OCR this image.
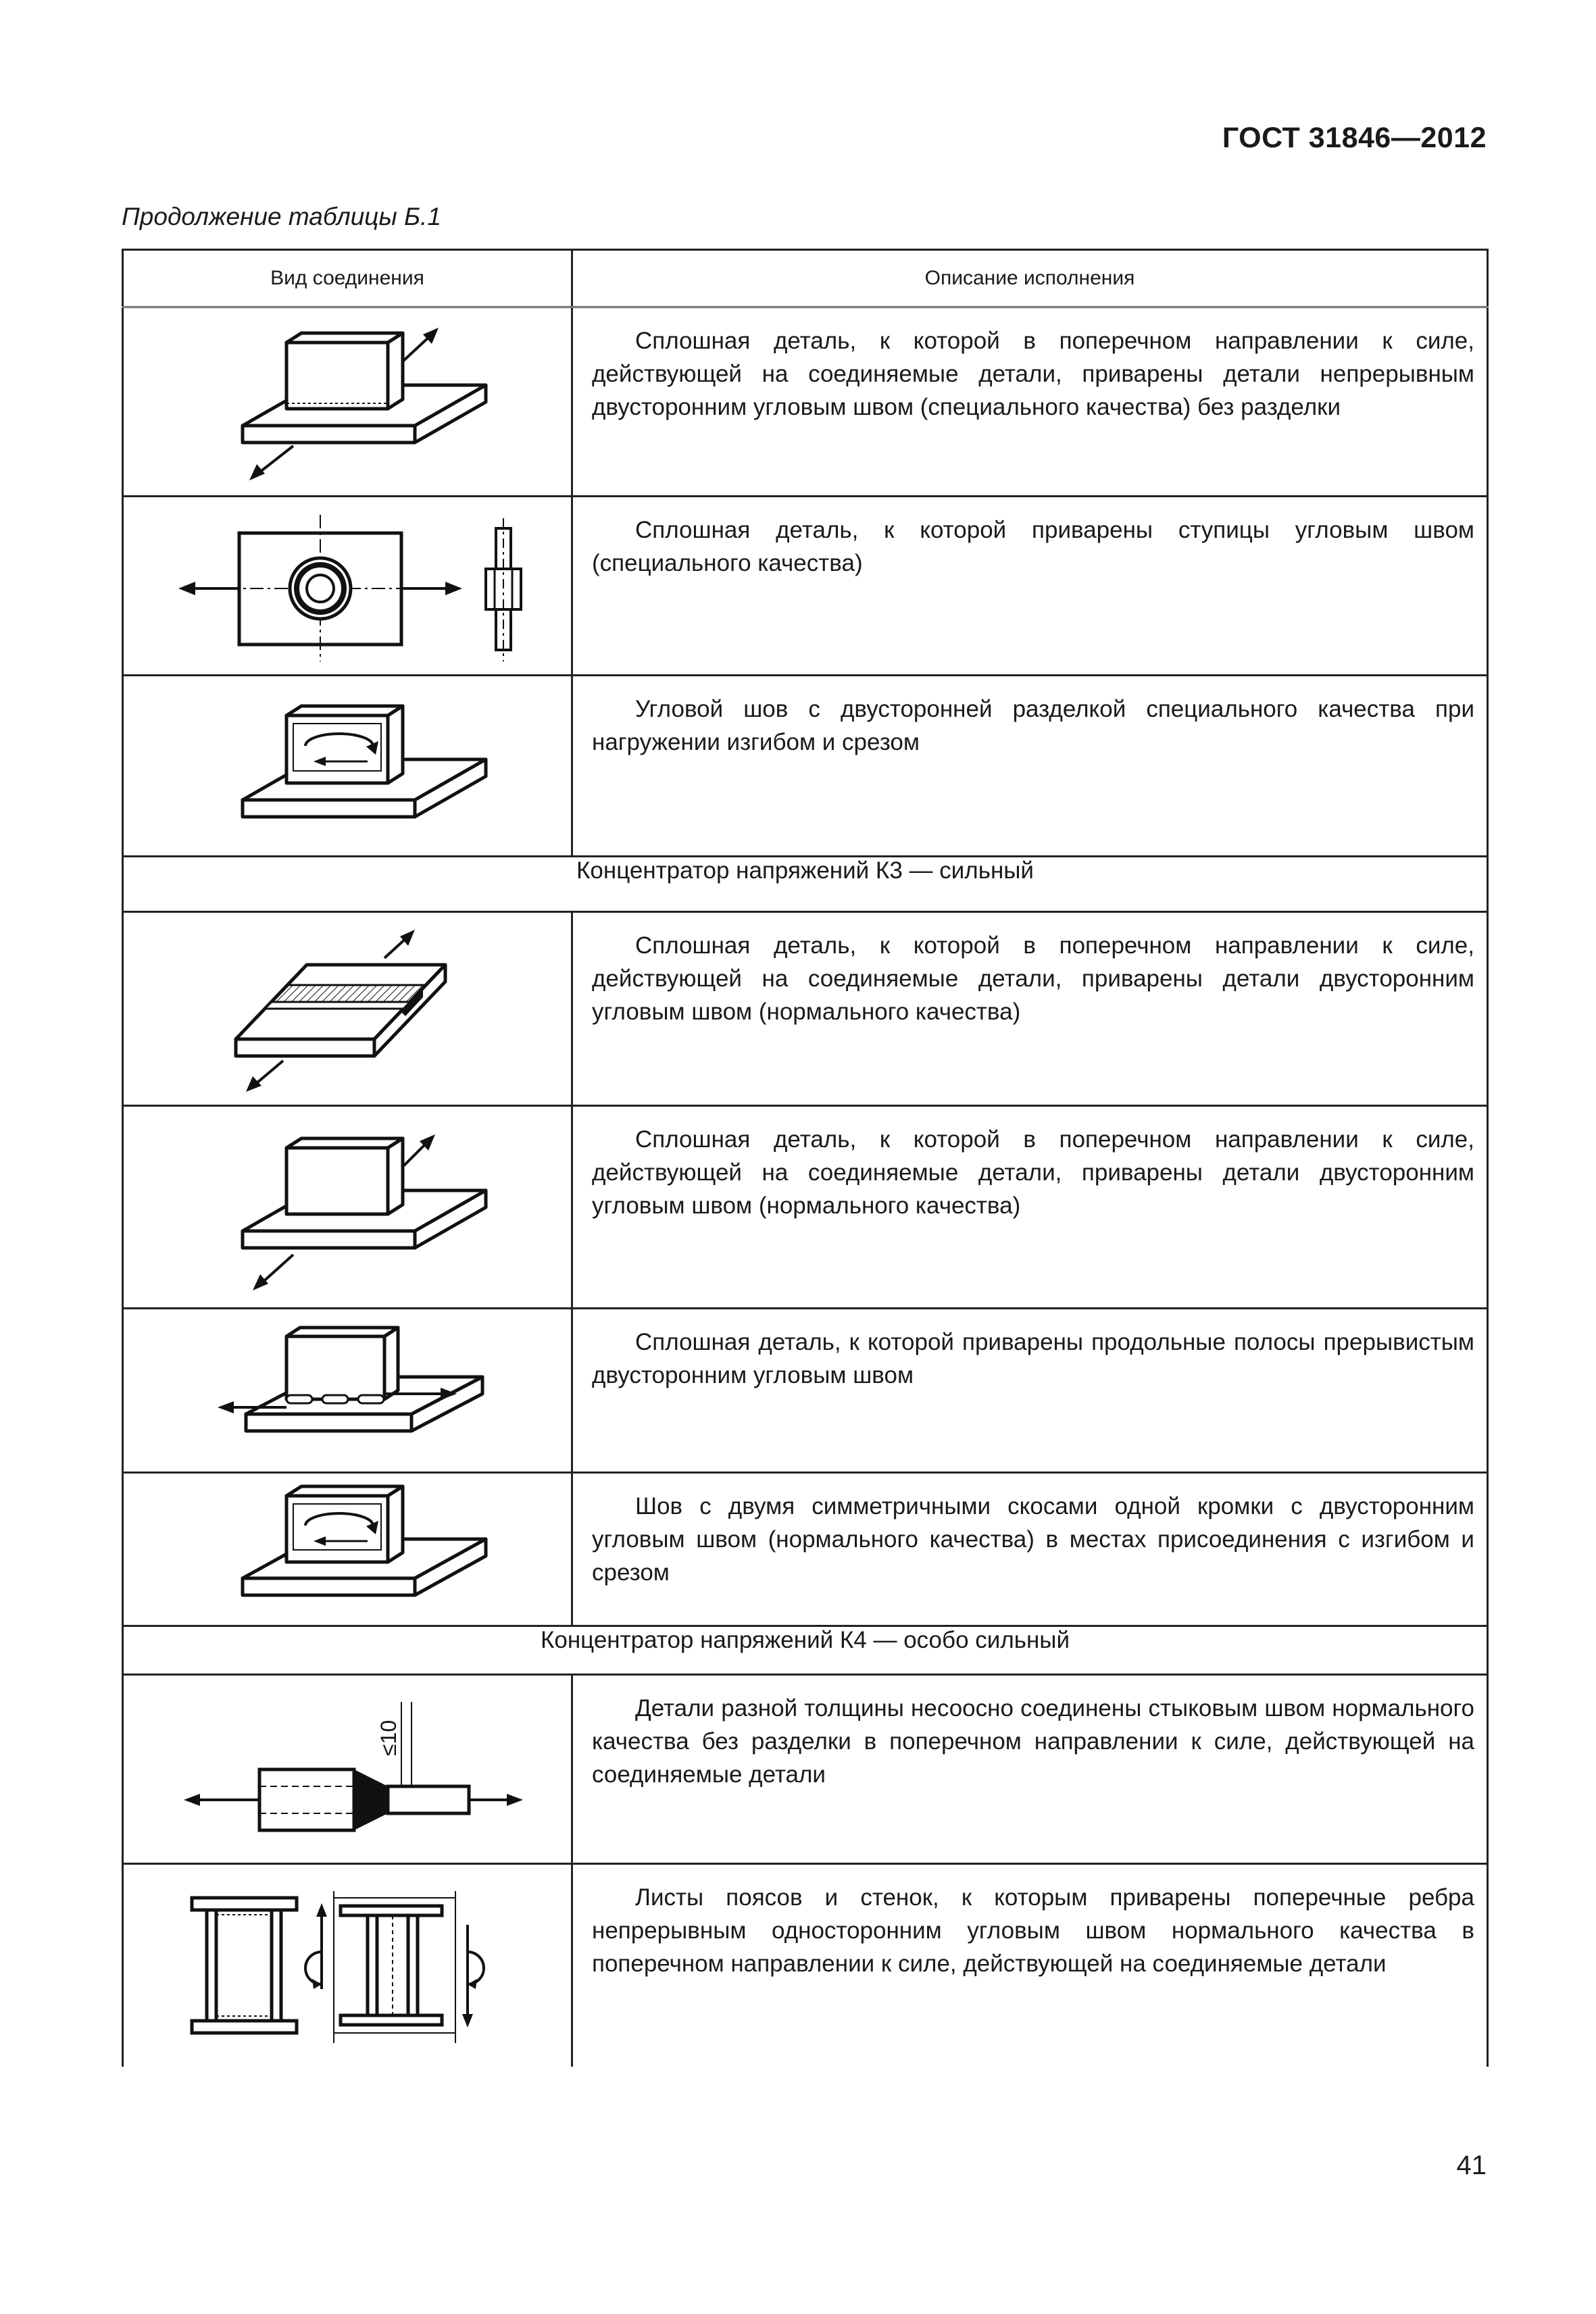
ГОСТ 31846—2012
Продолжение таблицы Б.1
Вид соединения	Описание исполнения

Сплошная деталь, к которой в поперечном направлении к силе, действующей на соединяемые детали, приварены детали непрерывным двусторонним угловым швом (специального качества) без разделки

Сплошная деталь, к которой приварены ступицы угловым швом (специального качества)

Угловой шов с двусторонней разделкой специального качества при нагружении изгибом и срезом

Концентратор напряжений К3 — сильный	

Сплошная деталь, к которой в поперечном направлении к силе, действующей на соединяемые детали, приварены детали двусторонним угловым швом (нормального качества)

Сплошная деталь, к которой в поперечном направлении к силе, действующей на соединяемые детали, приварены детали двусторонним угловым швом (нормального качества)

Сплошная деталь, к которой приварены продольные полосы прерывистым двусторонним угловым швом

Шов с двумя симметричными скосами одной кромки с двусторонним угловым швом (нормального качества) в местах присоединения с изгибом и срезом

Концентратор напряжений К4 — особо сильный	

≤10	Детали разной толщины несоосно соединены стыковым швом нормального качества без разделки в поперечном направлении к силе, действующей на соединяемые детали

Листы поясов и стенок, к которым приварены поперечные ребра непрерывным односторонним угловым швом нормального качества в поперечном направлении к силе, действующей на соединяемые детали

41
